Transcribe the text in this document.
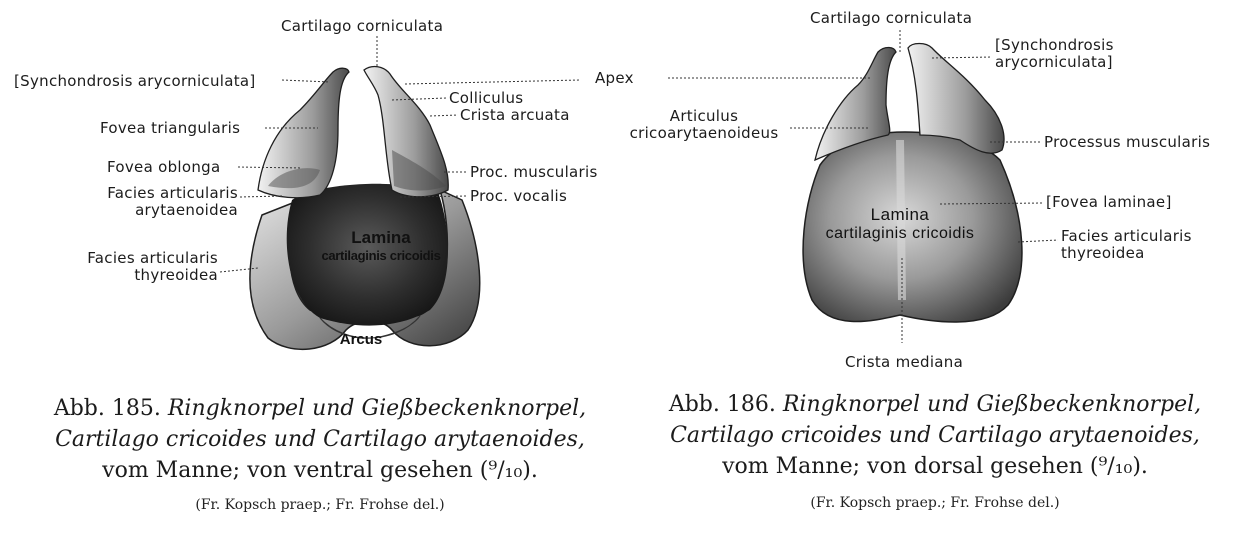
Cartilago corniculata
[Synchondrosis arycorniculata]	Apex
Colliculus
Crista arcuata
Fovea triangularis
Fovea oblonga	Proc. muscularis
Facies articularis
arytaenoidea
Proc. vocalis
Facies articularis
thyreoidea
Lamina
cartilaginis cricoidis
Arcus
Cartilago corniculata
[Synchondrosis
arycorniculata]
Articulus
cricoarytaenoideus	Processus muscularis
[Fovea laminae]
Facies articularis
thyreoidea
Lamina
cartilaginis cricoidis
Crista mediana
Abb. 185. Ringknorpel und Gießbeckenknorpel,
Cartilago cricoides und Cartilago arytaenoides,
vom Manne; von ventral gesehen (⁹/₁₀).
(Fr. Kopsch praep.; Fr. Frohse del.)
Abb. 186. Ringknorpel und Gießbeckenknorpel,
Cartilago cricoides und Cartilago arytaenoides,
vom Manne; von dorsal gesehen (⁹/₁₀).
(Fr. Kopsch praep.; Fr. Frohse del.)
